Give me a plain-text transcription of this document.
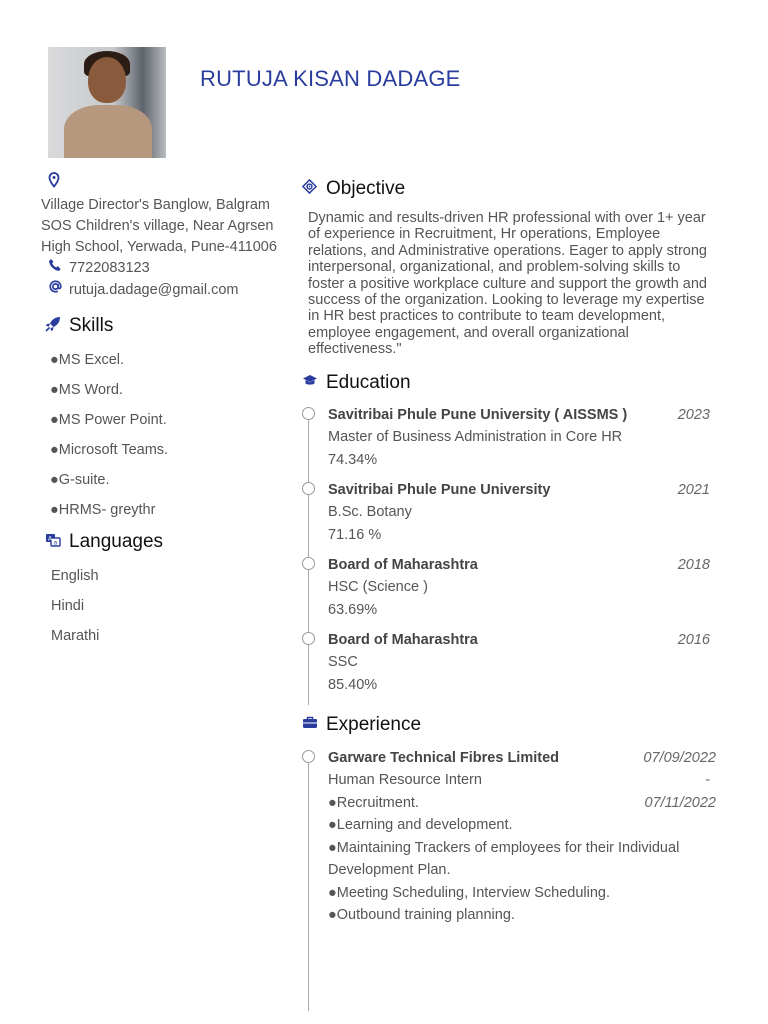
RUTUJA KISAN DADAGE
Village Director's Banglow, Balgram SOS Children's village, Near Agrsen High School, Yerwada, Pune-411006
7722083123
rutuja.dadage@gmail.com
Skills
●MS Excel.
●MS Word.
●MS Power Point.
●Microsoft Teams.
●G-suite.
●HRMS- greythr
A
a Languages
English
Hindi
Marathi
Objective

Dynamic and results-driven HR professional with over 1+ year of experience in Recruitment, Hr operations, Employee relations, and Administrative operations. Eager to apply strong interpersonal, organizational, and problem-solving skills to foster a positive workplace culture and support the growth and success of the organization. Looking to leverage my expertise in HR best practices to contribute to team development, employee engagement, and overall organizational effectiveness."

Education
Savitribai Phule Pune University ( AISSMS )	2023
Master of Business Administration in Core HR
74.34%
Savitribai Phule Pune University	2021
B.Sc. Botany
71.16 %
Board of Maharashtra	2018
HSC (Science )
63.69%
Board of Maharashtra	2016
SSC
85.40%
Experience
Garware Technical Fibres Limited	07/09/2022
Human Resource Intern	-
●Recruitment.	07/11/2022
●Learning and development.
●Maintaining Trackers of employees for their Individual Development Plan.
●Meeting Scheduling, Interview Scheduling.
●Outbound training planning.
